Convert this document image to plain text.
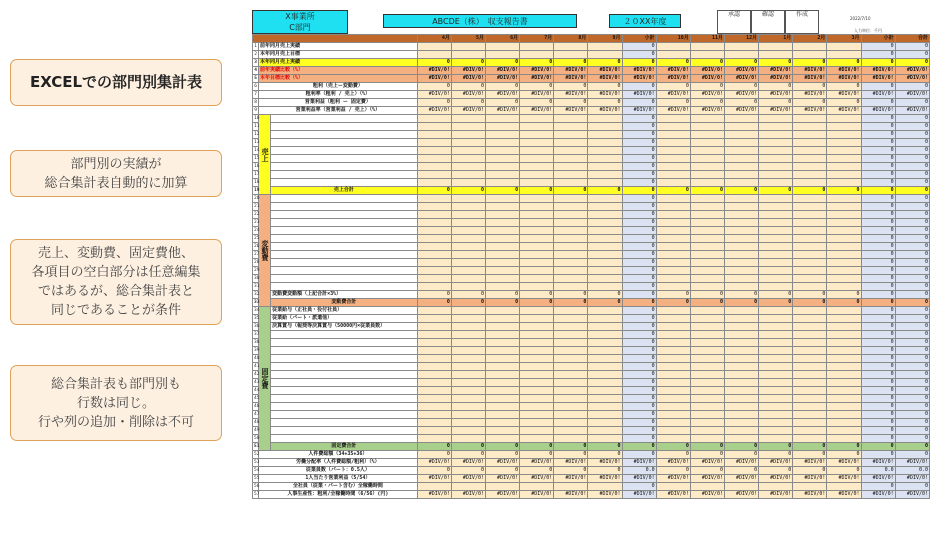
EXCELでの部門別集計表
部門別の実績が
総合集計表自動的に加算
売上、変動費、固定費他、
各項目の空白部分は任意編集
ではあるが、総合集計表と
同じであることが条件
総合集計表も部門別も
行数は同じ。
行や列の追加・削除は不可
X事業所
C部門
ABCDE（株）　収支報告書	２０XX年度
承認	確認	作成
2022/7/10
入力単位：千円
			4月	5月	6月	7月	8月	9月	小計	10月	11月	12月	1月	2月	3月	小計	合計
1	前年同月売上実績								0							0	0
2	本年同月売上目標								0							0	0
3	本年同月売上実績		0	0	0	0	0	0	0	0	0	0	0	0	0	0	0
4	前年実績比較（%）		#DIV/0!	#DIV/0!	#DIV/0!	#DIV/0!	#DIV/0!	#DIV/0!	#DIV/0!	#DIV/0!	#DIV/0!	#DIV/0!	#DIV/0!	#DIV/0!	#DIV/0!	#DIV/0!	#DIV/0!
5	本年目標比較（%）		#DIV/0!	#DIV/0!	#DIV/0!	#DIV/0!	#DIV/0!	#DIV/0!	#DIV/0!	#DIV/0!	#DIV/0!	#DIV/0!	#DIV/0!	#DIV/0!	#DIV/0!	#DIV/0!	#DIV/0!
6	粗利（売上ー変動費）		0	0	0	0	0	0	0	0	0	0	0	0	0	0	0
7	粗利率（粗利 / 売上）（%）		#DIV/0!	#DIV/0!	#DIV/0!	#DIV/0!	#DIV/0!	#DIV/0!	#DIV/0!	#DIV/0!	#DIV/0!	#DIV/0!	#DIV/0!	#DIV/0!	#DIV/0!	#DIV/0!	#DIV/0!
8	営業利益（粗利 ー 固定費）		0	0	0	0	0	0	0	0	0	0	0	0	0	0	0
9	営業利益率（営業利益 / 売上）（%）		#DIV/0!	#DIV/0!	#DIV/0!	#DIV/0!	#DIV/0!	#DIV/0!	#DIV/0!	#DIV/0!	#DIV/0!	#DIV/0!	#DIV/0!	#DIV/0!	#DIV/0!	#DIV/0!	#DIV/0!
10	売上								0							0	0
11									0							0	0
12									0							0	0
13									0							0	0
14									0							0	0
15									0							0	0
16									0							0	0
17									0							0	0
18									0							0	0
19		売上合計	0	0	0	0	0	0	0	0	0	0	0	0	0	0	0
20	変動費								0							0	0
21									0							0	0
22									0							0	0
23									0							0	0
24									0							0	0
25									0							0	0
26									0							0	0
27									0							0	0
28									0							0	0
29									0							0	0
30									0							0	0
31									0							0	0
32		変動費変動額（上記合計×3%）	0	0	0	0	0	0	0	0	0	0	0	0	0	0	0
33		変動費合計	0	0	0	0	0	0	0	0	0	0	0	0	0	0	0
34	固定費	従業給与（正社員・役付社員）							0							0	0
35		従業給（パート・派遣他）							0							0	0
36		決算賞与（報奨等決算賞与（50000円×従業員数）							0							0	0
37									0							0	0
38									0							0	0
39									0							0	0
40									0							0	0
41									0							0	0
42									0							0	0
43									0							0	0
44									0							0	0
45									0							0	0
46									0							0	0
47									0							0	0
48									0							0	0
49									0							0	0
50									0							0	0
51		固定費合計	0	0	0	0	0	0	0	0	0	0	0	0	0	0	0
52	人件費総額（34+35+36）		0	0	0	0	0	0	0	0	0	0	0	0	0	0	0
53	労働分配率（人件費総額/粗利）（%）		#DIV/0!	#DIV/0!	#DIV/0!	#DIV/0!	#DIV/0!	#DIV/0!	#DIV/0!	#DIV/0!	#DIV/0!	#DIV/0!	#DIV/0!	#DIV/0!	#DIV/0!	#DIV/0!	#DIV/0!
54	従業員数（パート：0.5人）		0	0	0	0	0	0	0.0	0	0	0	0	0	0	0.0	0.0
55	1人当たり営業利益（5/54）		#DIV/0!	#DIV/0!	#DIV/0!	#DIV/0!	#DIV/0!	#DIV/0!	#DIV/0!	#DIV/0!	#DIV/0!	#DIV/0!	#DIV/0!	#DIV/0!	#DIV/0!	#DIV/0!	#DIV/0!
56	全社員（従業・パート含む）全稼働時間								0							0	0
57	人事生産性：粗利/全稼働時間（6/56）(円)		#DIV/0!	#DIV/0!	#DIV/0!	#DIV/0!	#DIV/0!	#DIV/0!	#DIV/0!	#DIV/0!	#DIV/0!	#DIV/0!	#DIV/0!	#DIV/0!	#DIV/0!	#DIV/0!	#DIV/0!
